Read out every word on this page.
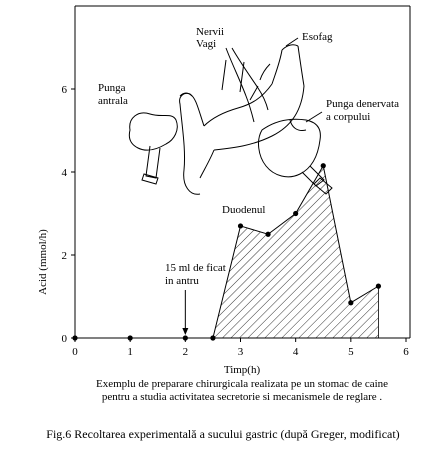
0	1	2	3	4	5	6
0
2
4
6
Timp(h)
Acid (mmol/h)	15 ml de ficat
in antru
Exemplu de preparare chirurgicala realizata pe un stomac de caine
pentru a studia activitatea secretorie si mecanismele de reglare .
Fig.6 Recoltarea experimentală a sucului gastric (după Greger, modificat)
Nervii
Vagi
Esofag
Punga
antrala	Punga denervata
a corpului
Duodenul
